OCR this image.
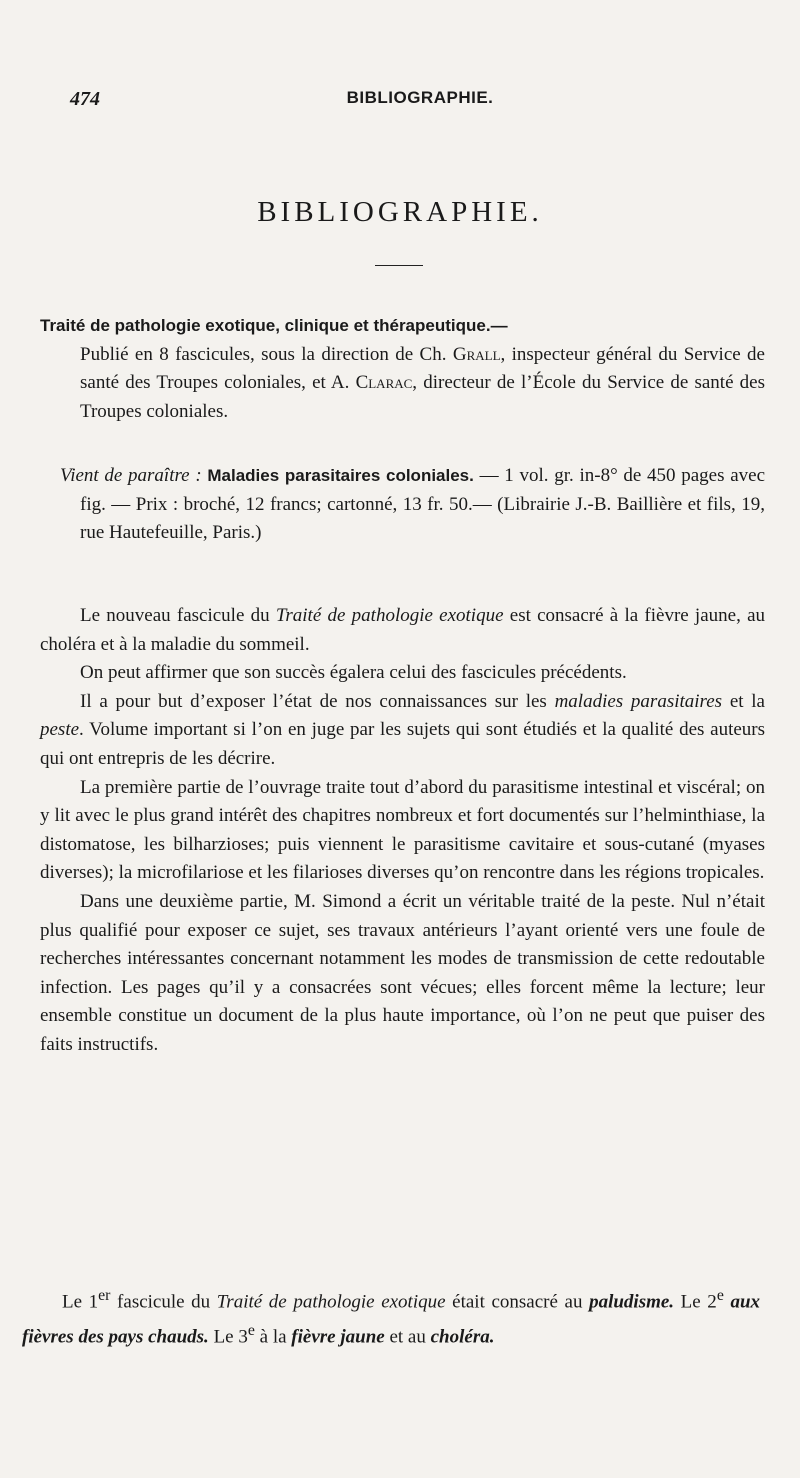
474	BIBLIOGRAPHIE.
BIBLIOGRAPHIE.

Traité de pathologie exotique, clinique et thérapeutique.—
Publié en 8 fascicules, sous la direction de Ch. Grall, inspecteur général du Service de santé des Troupes coloniales, et A. Clarac, directeur de l’École du Service de santé des Troupes coloniales.

Vient de paraître : Maladies parasitaires coloniales. — 1 vol. gr. in-8° de 450 pages avec fig. — Prix : broché, 12 francs; cartonné, 13 fr. 50.— (Librairie J.-B. Baillière et fils, 19, rue Hautefeuille, Paris.)

Le nouveau fascicule du Traité de pathologie exotique est consacré à la fièvre jaune, au choléra et à la maladie du sommeil.

On peut affirmer que son succès égalera celui des fascicules précédents.

Il a pour but d’exposer l’état de nos connaissances sur les maladies parasitaires et la peste. Volume important si l’on en juge par les sujets qui sont étudiés et la qualité des auteurs qui ont entrepris de les décrire.

La première partie de l’ouvrage traite tout d’abord du parasitisme intestinal et viscéral; on y lit avec le plus grand intérêt des chapitres nombreux et fort documentés sur l’helminthiase, la distomatose, les bilharzioses; puis viennent le parasitisme cavitaire et sous-cutané (myases diverses); la microfilariose et les filarioses diverses qu’on rencontre dans les régions tropicales.

Dans une deuxième partie, M. Simond a écrit un véritable traité de la peste. Nul n’était plus qualifié pour exposer ce sujet, ses travaux antérieurs l’ayant orienté vers une foule de recherches intéressantes concernant notamment les modes de transmission de cette redoutable infection. Les pages qu’il y a consacrées sont vécues; elles forcent même la lecture; leur ensemble constitue un document de la plus haute importance, où l’on ne peut que puiser des faits instructifs.

Le 1er fascicule du Traité de pathologie exotique était consacré au paludisme. Le 2e aux fièvres des pays chauds. Le 3e à la fièvre jaune et au choléra.
